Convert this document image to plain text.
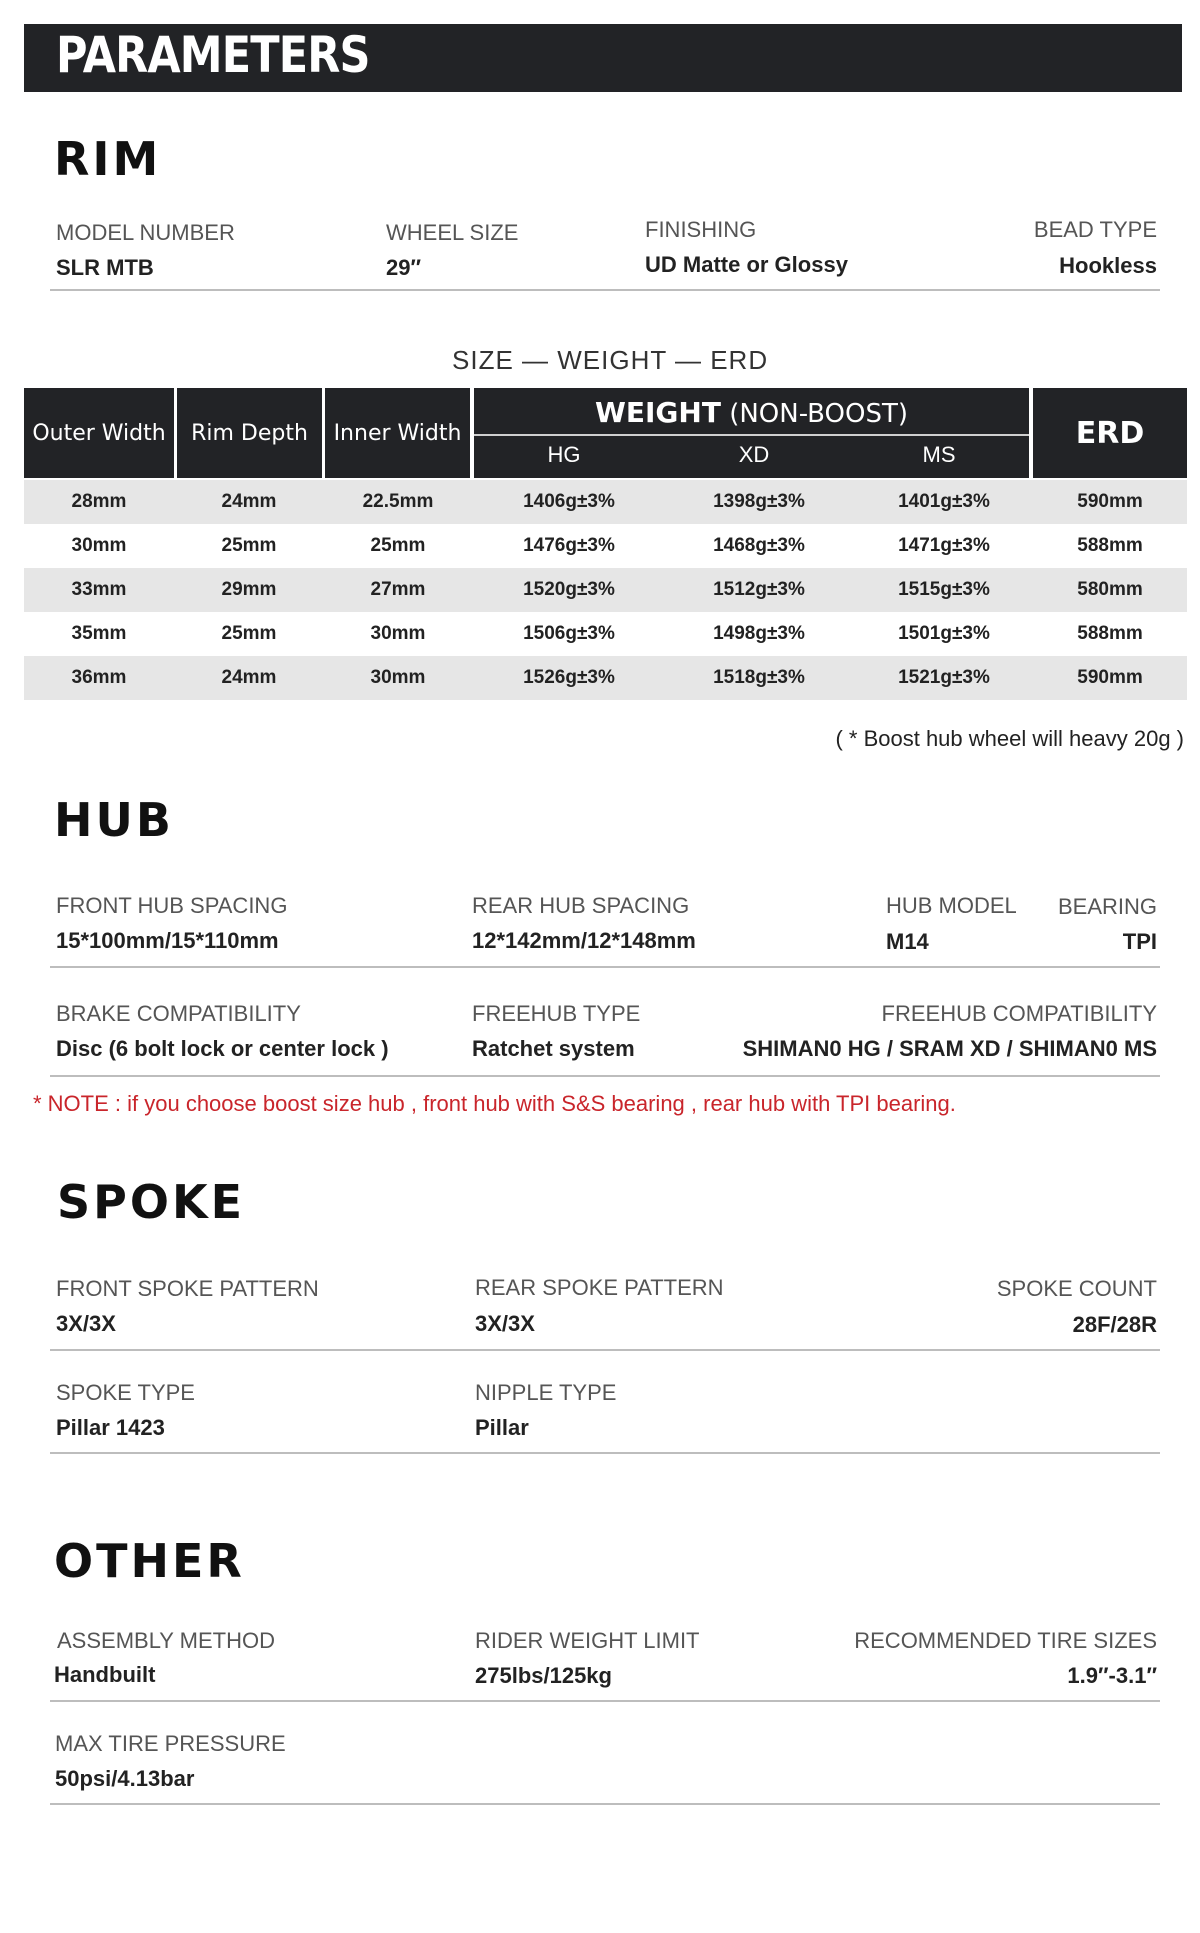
PARAMETERS
RIM
MODEL NUMBER
SLR MTB
WHEEL SIZE
29″
FINISHING
UD Matte or Glossy
BEAD TYPE
Hookless
SIZE — WEIGHT — ERD
Outer Width	Rim Depth	Inner Width
WEIGHT (NON-BOOST)
HG	XD	MS
ERD
28mm	24mm	22.5mm	1406g±3%	1398g±3%	1401g±3%	590mm
30mm	25mm	25mm	1476g±3%	1468g±3%	1471g±3%	588mm
33mm	29mm	27mm	1520g±3%	1512g±3%	1515g±3%	580mm
35mm	25mm	30mm	1506g±3%	1498g±3%	1501g±3%	588mm
36mm	24mm	30mm	1526g±3%	1518g±3%	1521g±3%	590mm
( * Boost hub wheel will heavy 20g )
HUB
FRONT HUB SPACING
15*100mm/15*110mm
REAR HUB SPACING
12*142mm/12*148mm
HUB MODEL
M14
BEARING
TPI
BRAKE COMPATIBILITY
Disc (6 bolt lock or center lock )
FREEHUB TYPE
Ratchet system
FREEHUB COMPATIBILITY
SHIMAN0 HG / SRAM XD / SHIMAN0 MS
* NOTE : if you choose boost size hub , front hub with S&S bearing , rear hub with TPI bearing.
SPOKE
FRONT SPOKE PATTERN
3X/3X
REAR SPOKE PATTERN
3X/3X
SPOKE COUNT
28F/28R
SPOKE TYPE
Pillar 1423
NIPPLE TYPE
Pillar
OTHER
ASSEMBLY METHOD
Handbuilt
RIDER WEIGHT LIMIT
275lbs/125kg
RECOMMENDED TIRE SIZES
1.9″-3.1″
MAX TIRE PRESSURE
50psi/4.13bar
